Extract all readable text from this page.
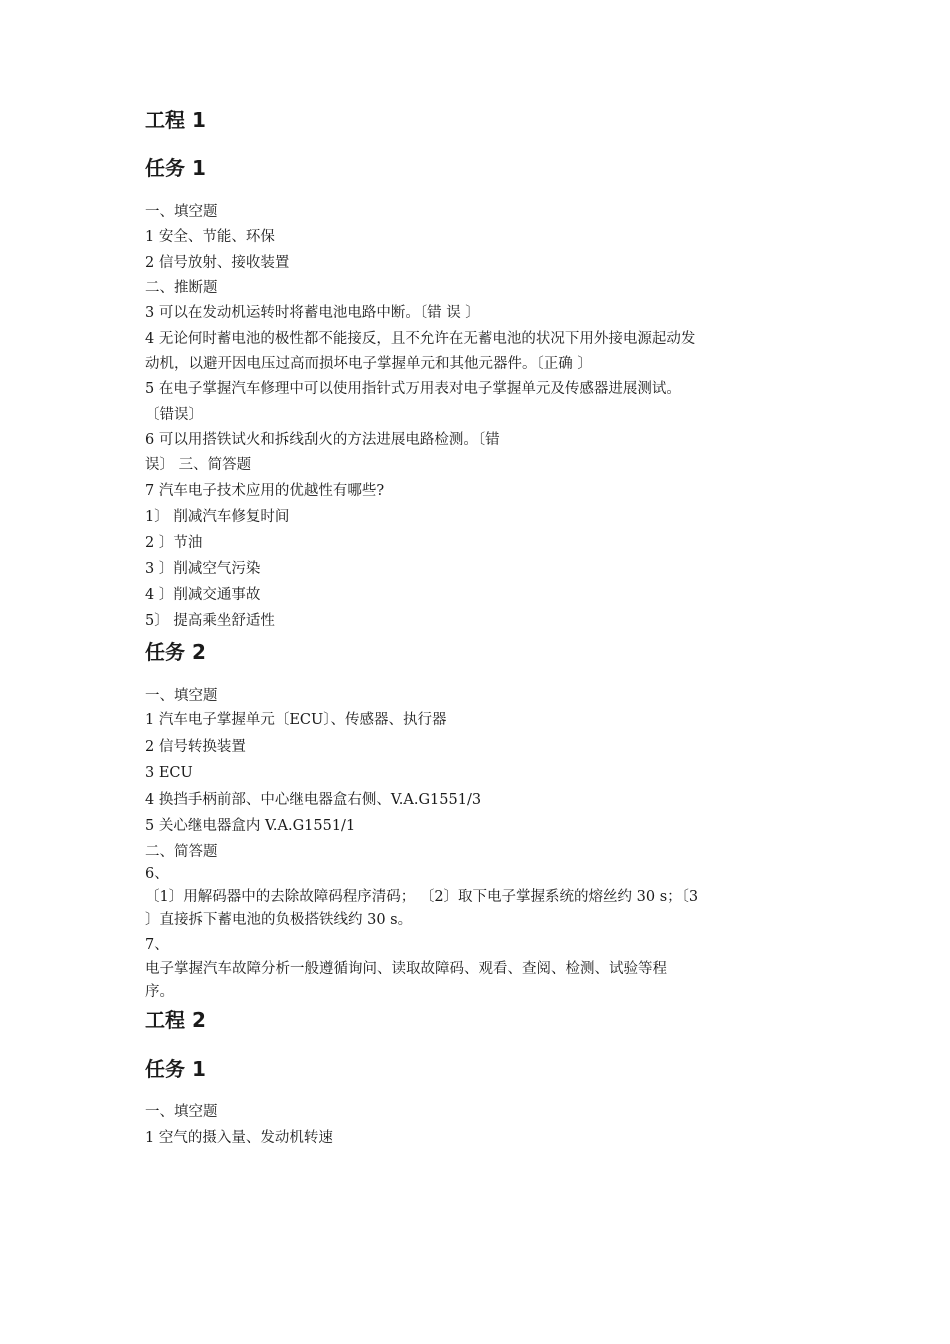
工程 1
任务 1

一、填空题

1 安全、节能、环保

2 信号放射、接收装置

二、推断题

3 可以在发动机运转时将蓄电池电路中断。〔错 误 〕

4 无论何时蓄电池的极性都不能接反，且不允许在无蓄电池的状况下用外接电源起动发

动机，以避开因电压过高而损坏电子掌握单元和其他元器件。〔正确 〕

5 在电子掌握汽车修理中可以使用指针式万用表对电子掌握单元及传感器进展测试。

〔错误〕

6 可以用搭铁试火和拆线刮火的方法进展电路检测。〔错

误〕 三、简答题

7 汽车电子技术应用的优越性有哪些?

1〕 削减汽车修复时间

2 〕节油

3 〕削减空气污染

4 〕削减交通事故

5〕 提高乘坐舒适性

任务 2

一、填空题

1 汽车电子掌握单元〔ECU〕、传感器、执行器

2 信号转换装置

3 ECU

4 换挡手柄前部、中心继电器盒右侧、V.A.G1551/3

5 关心继电器盒内 V.A.G1551/1

二、简答题

6、

〔1〕用解码器中的去除故障码程序清码； 〔2〕取下电子掌握系统的熔丝约 30 s；〔3

〕直接拆下蓄电池的负极搭铁线约 30 s。

7、

电子掌握汽车故障分析一般遵循询问、读取故障码、观看、查阅、检测、试验等程

序。

工程 2
任务 1

一、填空题

1 空气的摄入量、发动机转速
